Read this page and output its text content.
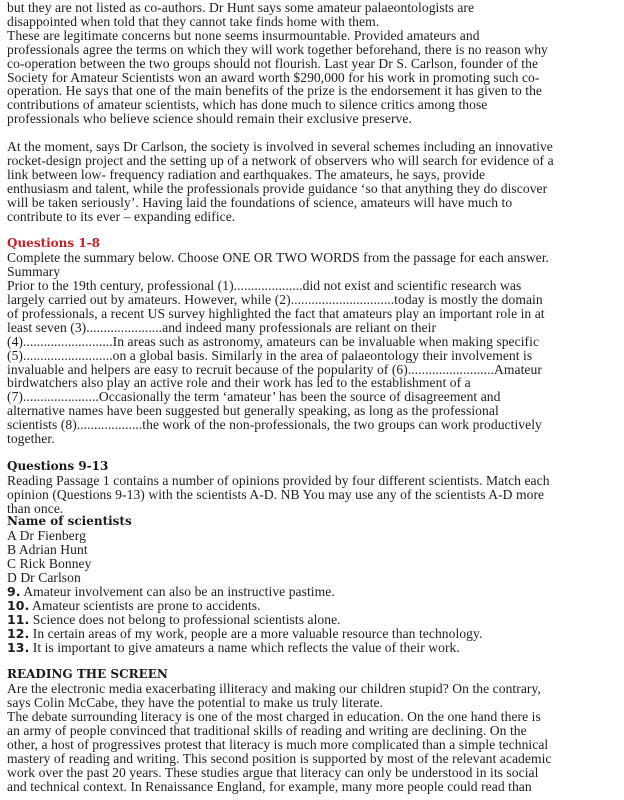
but they are not listed as co-authors. Dr Hunt says some amateur palaeontologists are
disappointed when told that they cannot take finds home with them.
These are legitimate concerns but none seems insurmountable. Provided amateurs and
professionals agree the terms on which they will work together beforehand, there is no reason why
co-operation between the two groups should not flourish. Last year Dr S. Carlson, founder of the
Society for Amateur Scientists won an award worth $290,000 for his work in promoting such co-
operation. He says that one of the main benefits of the prize is the endorsement it has given to the
contributions of amateur scientists, which has done much to silence critics among those
professionals who believe science should remain their exclusive preserve.
At the moment, says Dr Carlson, the society is involved in several schemes including an innovative
rocket-design project and the setting up of a network of observers who will search for evidence of a
link between low- frequency radiation and earthquakes. The amateurs, he says, provide
enthusiasm and talent, while the professionals provide guidance ‘so that anything they do discover
will be taken seriously’. Having laid the foundations of science, amateurs will have much to
contribute to its ever – expanding edifice.
Questions 1-8
Complete the summary below. Choose ONE OR TWO WORDS from the passage for each answer.
Summary
Prior to the 19th century, professional (1)....................did not exist and scientific research was
largely carried out by amateurs. However, while (2)..............................today is mostly the domain
of professionals, a recent US survey highlighted the fact that amateurs play an important role in at
least seven (3)......................and indeed many professionals are reliant on their
(4)..........................In areas such as astronomy, amateurs can be invaluable when making specific
(5)..........................on a global basis. Similarly in the area of palaeontology their involvement is
invaluable and helpers are easy to recruit because of the popularity of (6).........................Amateur
birdwatchers also play an active role and their work has led to the establishment of a
(7)......................Occasionally the term ‘amateur’ has been the source of disagreement and
alternative names have been suggested but generally speaking, as long as the professional
scientists (8)...................the work of the non-professionals, the two groups can work productively
together.
Questions 9-13
Reading Passage 1 contains a number of opinions provided by four different scientists. Match each
opinion (Questions 9-13) with the scientists A-D. NB You may use any of the scientists A-D more
than once.
Name of scientists
A Dr Fienberg
B Adrian Hunt
C Rick Bonney
D Dr Carlson
9. Amateur involvement can also be an instructive pastime.
10. Amateur scientists are prone to accidents.
11. Science does not belong to professional scientists alone.
12. In certain areas of my work, people are a more valuable resource than technology.
13. It is important to give amateurs a name which reflects the value of their work.
READING THE SCREEN
Are the electronic media exacerbating illiteracy and making our children stupid? On the contrary,
says Colin McCabe, they have the potential to make us truly literate.
The debate surrounding literacy is one of the most charged in education. On the one hand there is
an army of people convinced that traditional skills of reading and writing are declining. On the
other, a host of progressives protest that literacy is much more complicated than a simple technical
mastery of reading and writing. This second position is supported by most of the relevant academic
work over the past 20 years. These studies argue that literacy can only be understood in its social
and technical context. In Renaissance England, for example, many more people could read than
